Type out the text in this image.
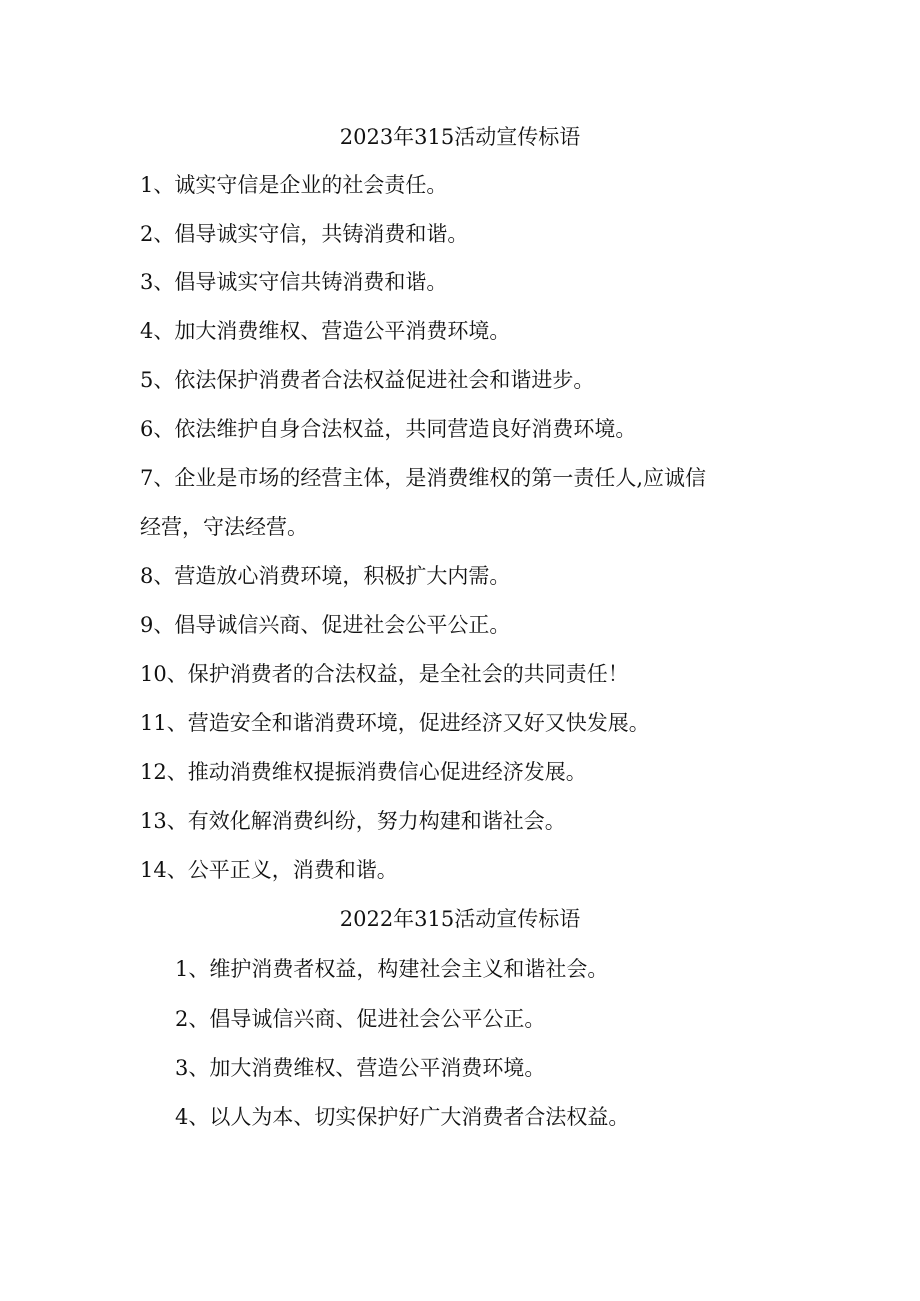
2023年315活动宣传标语
1、诚实守信是企业的社会责任。
2、倡导诚实守信，共铸消费和谐。
3、倡导诚实守信共铸消费和谐。
4、加大消费维权、营造公平消费环境。
5、依法保护消费者合法权益促进社会和谐进步。
6、依法维护自身合法权益，共同营造良好消费环境。
7、企业是市场的经营主体，是消费维权的第一责任人,应诚信
经营，守法经营。
8、营造放心消费环境，积极扩大内需。
9、倡导诚信兴商、促进社会公平公正。
10、保护消费者的合法权益，是全社会的共同责任！
11、营造安全和谐消费环境，促进经济又好又快发展。
12、推动消费维权提振消费信心促进经济发展。
13、有效化解消费纠纷，努力构建和谐社会。
14、公平正义，消费和谐。
2022年315活动宣传标语
1、维护消费者权益，构建社会主义和谐社会。
2、倡导诚信兴商、促进社会公平公正。
3、加大消费维权、营造公平消费环境。
4、以人为本、切实保护好广大消费者合法权益。
